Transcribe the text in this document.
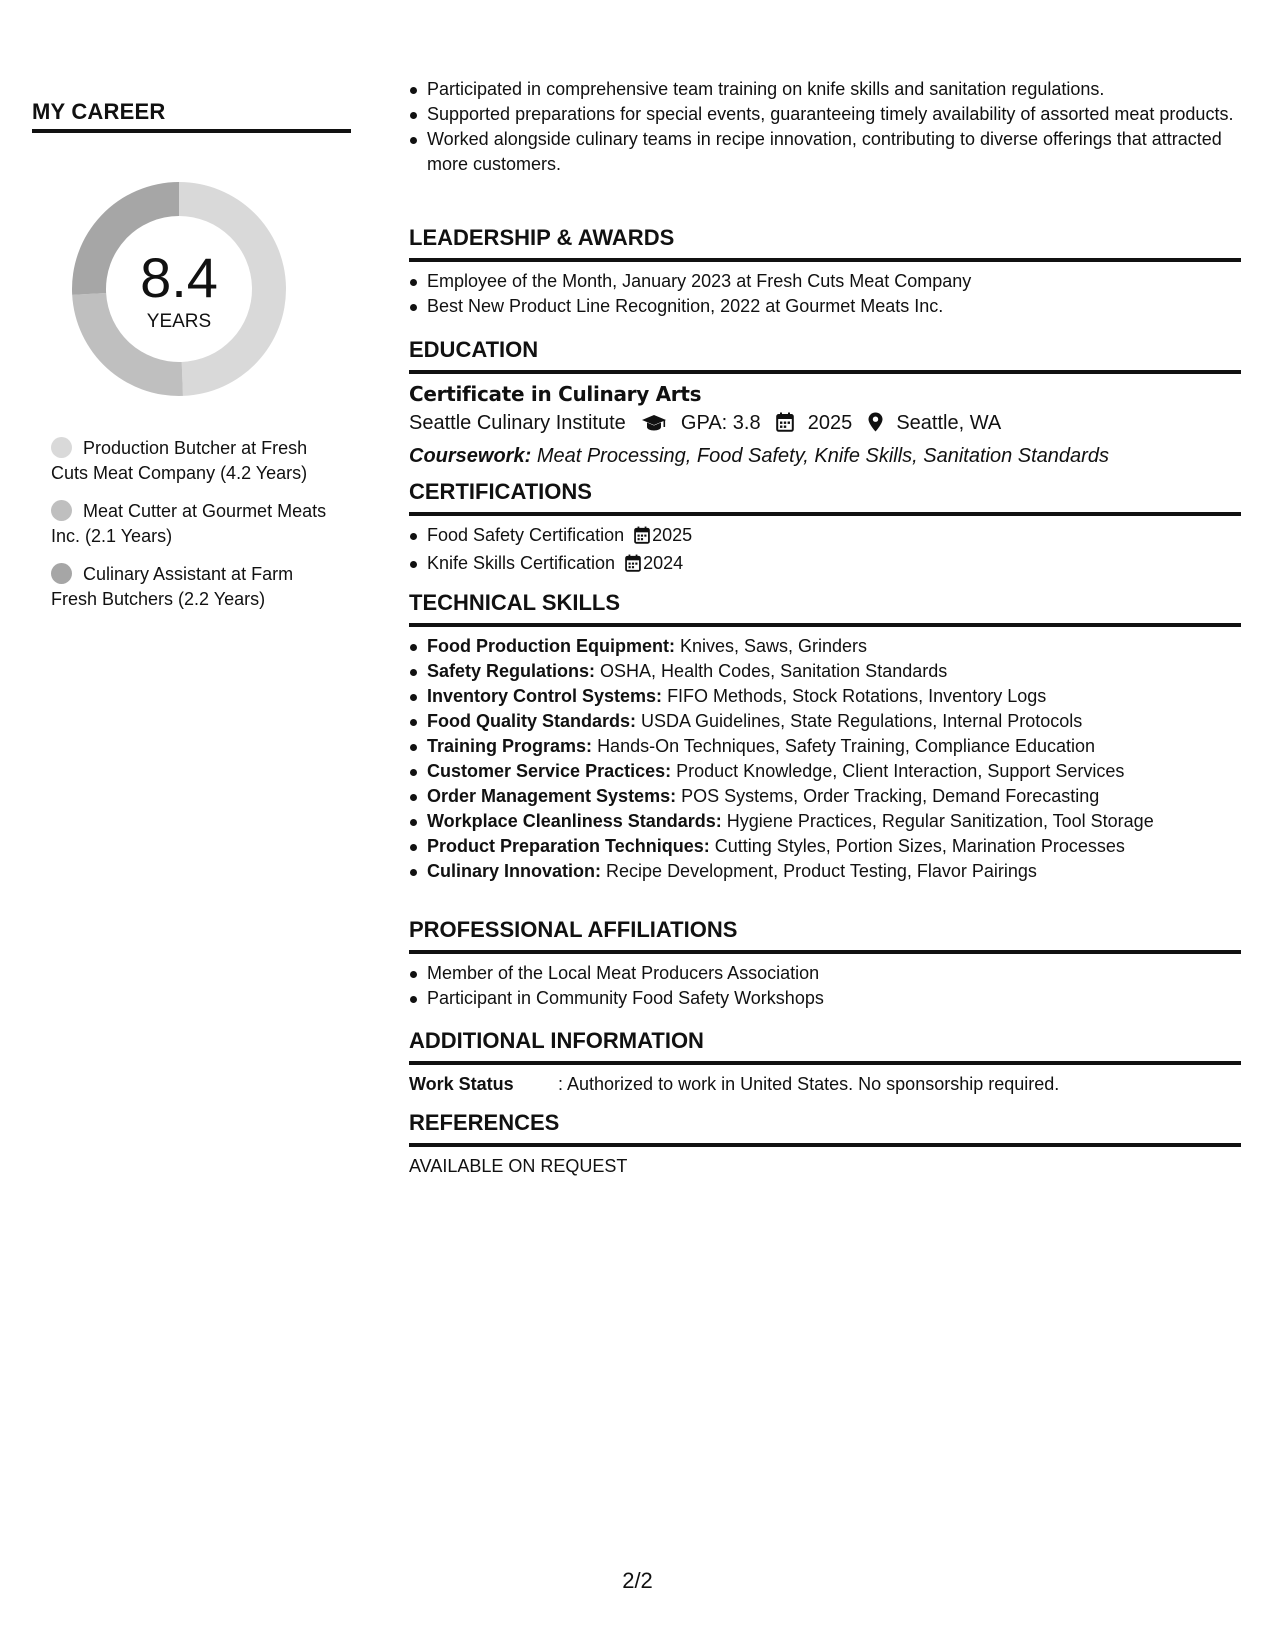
MY CAREER
8.4
YEARS
Production Butcher at Fresh Cuts Meat Company (4.2 Years)
Meat Cutter at Gourmet Meats Inc. (2.1 Years)
Culinary Assistant at Farm Fresh Butchers (2.2 Years)
Participated in comprehensive team training on knife skills and sanitation regulations.
Supported preparations for special events, guaranteeing timely availability of assorted meat products.
Worked alongside culinary teams in recipe innovation, contributing to diverse offerings that attracted more customers.
LEADERSHIP & AWARDS
Employee of the Month, January 2023 at Fresh Cuts Meat Company
Best New Product Line Recognition, 2022 at Gourmet Meats Inc.
EDUCATION
Certificate in Culinary Arts
Seattle Culinary Institute	GPA: 3.8 2025 Seattle, WA
Coursework: Meat Processing, Food Safety, Knife Skills, Sanitation Standards
CERTIFICATIONS
Food Safety Certification 2025
Knife Skills Certification 2024
TECHNICAL SKILLS
Food Production Equipment: Knives, Saws, Grinders
Safety Regulations: OSHA, Health Codes, Sanitation Standards
Inventory Control Systems: FIFO Methods, Stock Rotations, Inventory Logs
Food Quality Standards: USDA Guidelines, State Regulations, Internal Protocols
Training Programs: Hands-On Techniques, Safety Training, Compliance Education
Customer Service Practices: Product Knowledge, Client Interaction, Support Services
Order Management Systems: POS Systems, Order Tracking, Demand Forecasting
Workplace Cleanliness Standards: Hygiene Practices, Regular Sanitization, Tool Storage
Product Preparation Techniques: Cutting Styles, Portion Sizes, Marination Processes
Culinary Innovation: Recipe Development, Product Testing, Flavor Pairings
PROFESSIONAL AFFILIATIONS
Member of the Local Meat Producers Association
Participant in Community Food Safety Workshops
ADDITIONAL INFORMATION
Work Status : Authorized to work in United States. No sponsorship required.
REFERENCES
AVAILABLE ON REQUEST
2/2
